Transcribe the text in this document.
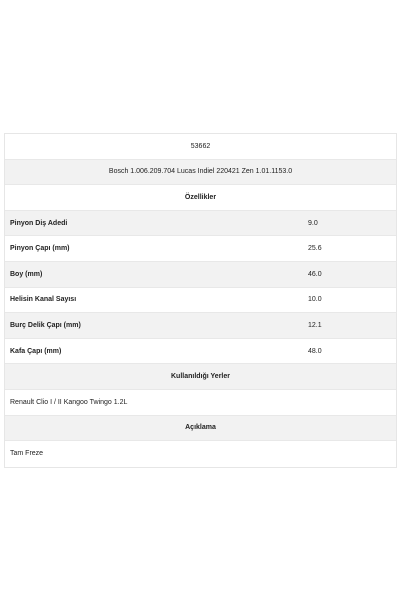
53662
Bosch 1.006.209.704 Lucas Indiel 220421 Zen 1.01.1153.0
Özellikler
Pinyon Diş Adedi	9.0
Pinyon Çapı (mm)	25.6
Boy (mm)	46.0
Helisin Kanal Sayısı	10.0
Burç Delik Çapı (mm)	12.1
Kafa Çapı (mm)	48.0
Kullanıldığı Yerler
Renault Clio I / II Kangoo Twingo 1.2L
Açıklama
Tam Freze
